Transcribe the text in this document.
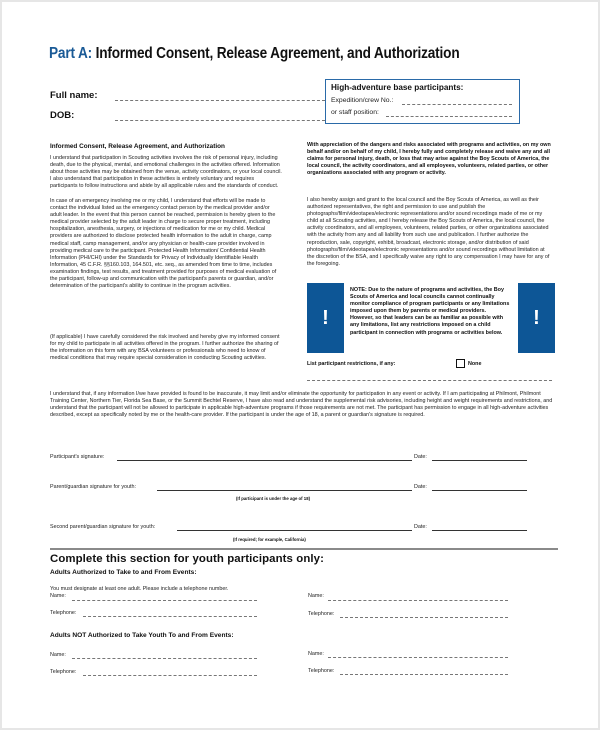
Part A: Informed Consent, Release Agreement, and Authorization
Full name:
DOB:
High-adventure base participants:
Expedition/crew No.:
or staff position:
Informed Consent, Release Agreement, and Authorization

I understand that participation in Scouting activities involves the risk of personal injury, including death, due to the physical, mental, and emotional challenges in the activities offered. Information about those activities may be obtained from the venue, activity coordinators, or your local council. I also understand that participation in these activities is entirely voluntary and requires participants to follow instructions and abide by all applicable rules and the standards of conduct.

In case of an emergency involving me or my child, I understand that efforts will be made to contact the individual listed as the emergency contact person by the medical provider and/or adult leader. In the event that this person cannot be reached, permission is hereby given to the medical provider selected by the adult leader in charge to secure proper treatment, including hospitalization, anesthesia, surgery, or injections of medication for me or my child. Medical providers are authorized to disclose protected health information to the adult in charge, camp medical staff, camp management, and/or any physician or health-care provider involved in providing medical care to the participant. Protected Health Information/ Confidential Health Information (PHI/CHI) under the Standards for Privacy of Individually Identifiable Health Information, 45 C.F.R. §§160.103, 164.501, etc. seq., as amended from time to time, includes examination findings, test results, and treatment provided for purposes of medical evaluation of the participant, follow-up and communication with the participant's parents or guardian, and/or determination of the participant's ability to continue in the program activities.

(If applicable) I have carefully considered the risk involved and hereby give my informed consent for my child to participate in all activities offered in the program. I further authorize the sharing of the information on this form with any BSA volunteers or professionals who need to know of medical conditions that may require special consideration in conducting Scouting activities.

With appreciation of the dangers and risks associated with programs and activities, on my own behalf and/or on behalf of my child, I hereby fully and completely release and waive any and all claims for personal injury, death, or loss that may arise against the Boy Scouts of America, the local council, the activity coordinators, and all employees, volunteers, related parties, or other organizations associated with any program or activity.

I also hereby assign and grant to the local council and the Boy Scouts of America, as well as their authorized representatives, the right and permission to use and publish the photographs/film/videotapes/electronic representations and/or sound recordings made of me or my child at all Scouting activities, and I hereby release the Boy Scouts of America, the local council, the activity coordinators, and all employees, volunteers, related parties, or other organizations associated with the activity from any and all liability from such use and publication. I further authorize the reproduction, sale, copyright, exhibit, broadcast, electronic storage, and/or distribution of said photographs/film/videotapes/electronic representations and/or sound recordings without limitation at the discretion of the BSA, and I specifically waive any right to any compensation I may have for any of the foregoing.

!

NOTE: Due to the nature of programs and activities, the Boy Scouts of America and local councils cannot continually monitor compliance of program participants or any limitations imposed upon them by parents or medical providers. However, so that leaders can be as familiar as possible with any limitations, list any restrictions imposed on a child participant in connection with programs or activities below.

!
List participant restrictions, if any:	None

I understand that, if any information I/we have provided is found to be inaccurate, it may limit and/or eliminate the opportunity for participation in any event or activity. If I am participating at Philmont, Philmont Training Center, Northern Tier, Florida Sea Base, or the Summit Bechtel Reserve, I have also read and understand the supplemental risk advisories, including height and weight requirements and restrictions, and understand that the participant will not be allowed to participate in applicable high-adventure programs if those requirements are not met. The participant has permission to engage in all high-adventure activities described, except as specifically noted by me or the health-care provider. If the participant is under the age of 18, a parent or guardian's signature is required.

Participant's signature:	Date:
Parent/guardian signature for youth:	Date:
(If participant is under the age of 18)
Second parent/guardian signature for youth:	Date:
(If required; for example, California)
Complete this section for youth participants only:
Adults Authorized to Take to and From Events:
You must designate at least one adult. Please include a telephone number.
Name:	Name:
Telephone:	Telephone:
Adults NOT Authorized to Take Youth To and From Events:
Name:	Name:
Telephone:	Telephone:
